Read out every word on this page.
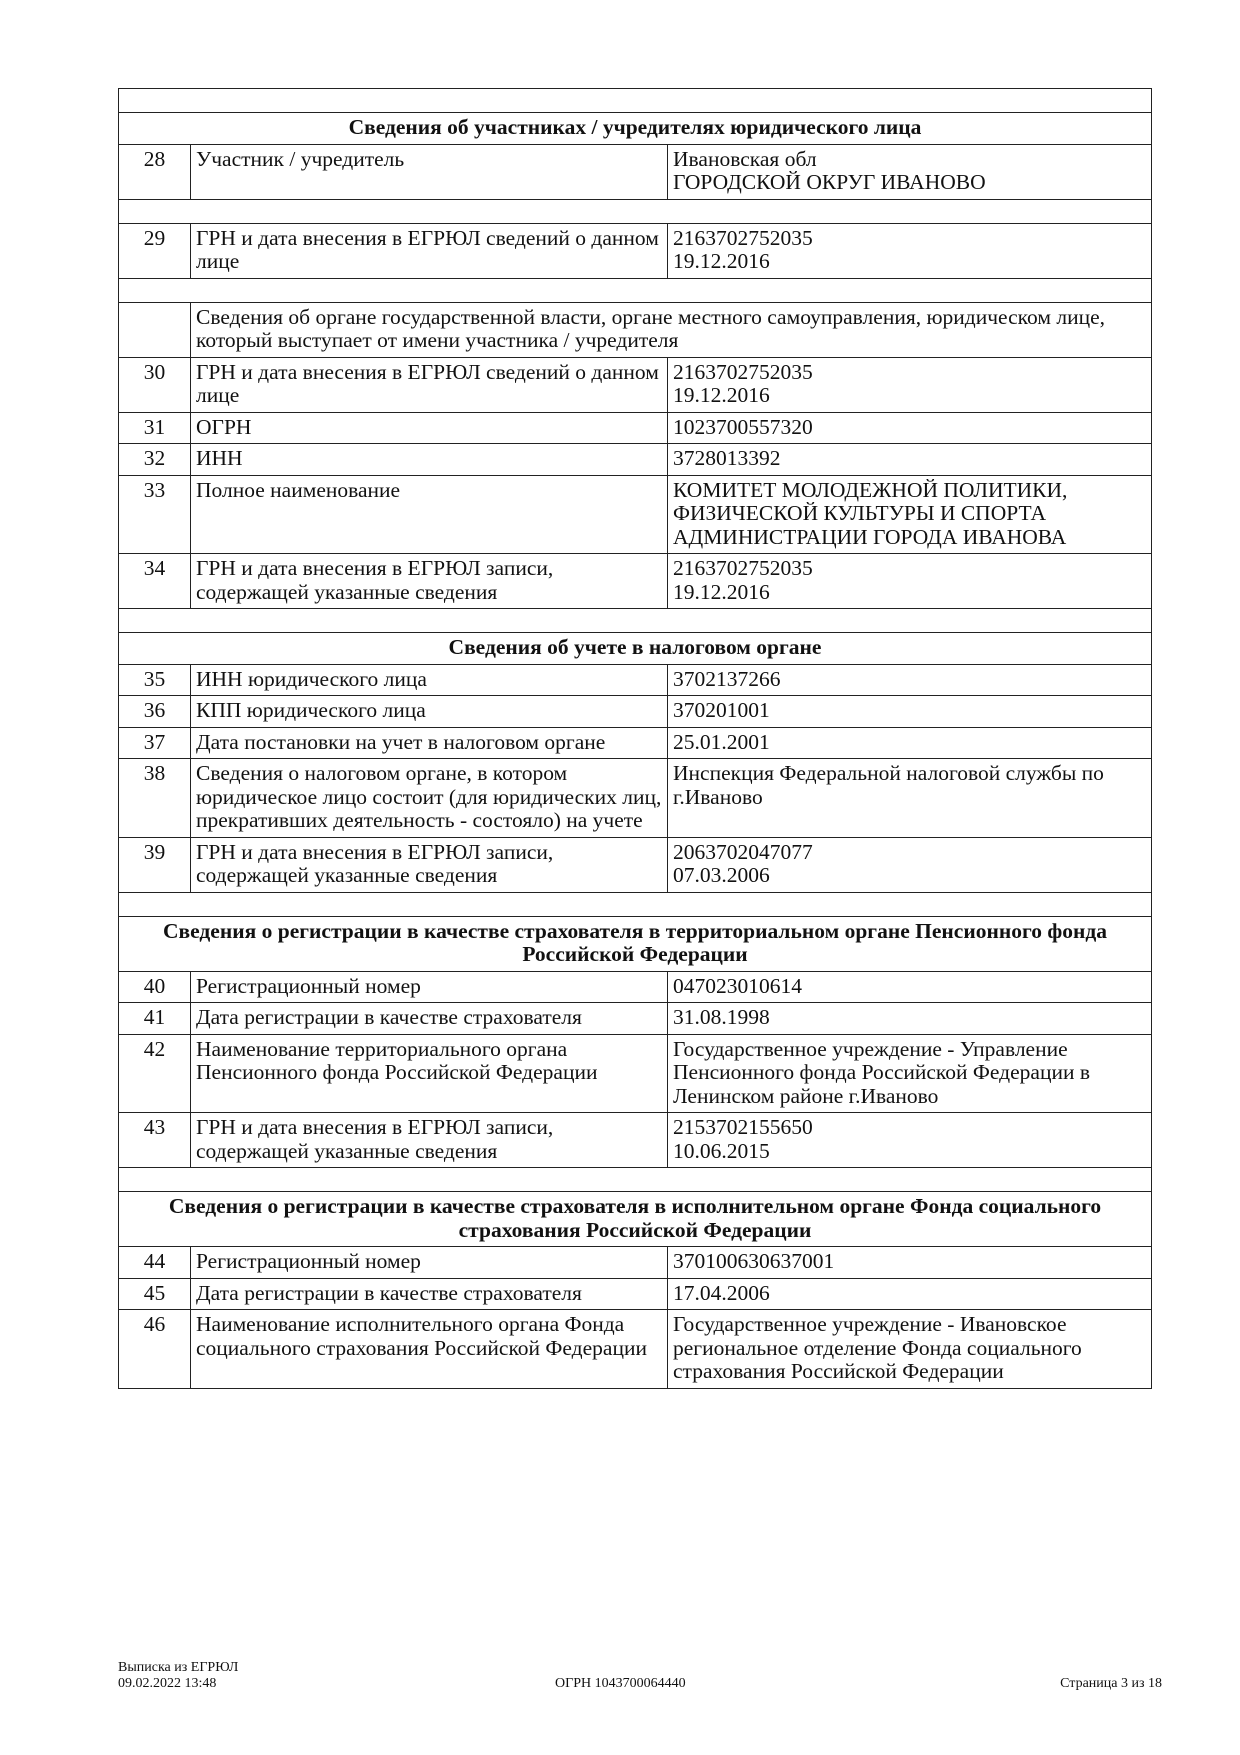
Сведения об участниках / учредителях юридического лица		
28	Участник / учредитель	Ивановская обл
ГОРОДСКОЙ ОКРУГ ИВАНОВО

29	ГРН и дата внесения в ЕГРЮЛ сведений о данном лице	2163702752035
19.12.2016

	Сведения об органе государственной власти, органе местного самоуправления, юридическом лице, который выступает от имени участника / учредителя	
30	ГРН и дата внесения в ЕГРЮЛ сведений о данном лице	2163702752035
19.12.2016
31	ОГРН	1023700557320
32	ИНН	3728013392
33	Полное наименование	КОМИТЕТ МОЛОДЕЖНОЙ ПОЛИТИКИ, ФИЗИЧЕСКОЙ КУЛЬТУРЫ И СПОРТА АДМИНИСТРАЦИИ ГОРОДА ИВАНОВА
34	ГРН и дата внесения в ЕГРЮЛ записи, содержащей указанные сведения	2163702752035
19.12.2016

Сведения об учете в налоговом органе		
35	ИНН юридического лица	3702137266
36	КПП юридического лица	370201001
37	Дата постановки на учет в налоговом органе	25.01.2001
38	Сведения о налоговом органе, в котором юридическое лицо состоит (для юридических лиц, прекративших деятельность - состояло) на учете	Инспекция Федеральной налоговой службы по г.Иваново
39	ГРН и дата внесения в ЕГРЮЛ записи, содержащей указанные сведения	2063702047077
07.03.2006

Сведения о регистрации в качестве страхователя в территориальном органе Пенсионного фонда Российской Федерации		
40	Регистрационный номер	047023010614
41	Дата регистрации в качестве страхователя	31.08.1998
42	Наименование территориального органа Пенсионного фонда Российской Федерации	Государственное учреждение - Управление Пенсионного фонда Российской Федерации в Ленинском районе г.Иваново
43	ГРН и дата внесения в ЕГРЮЛ записи, содержащей указанные сведения	2153702155650
10.06.2015

Сведения о регистрации в качестве страхователя в исполнительном органе Фонда социального страхования Российской Федерации		
44	Регистрационный номер	370100630637001
45	Дата регистрации в качестве страхователя	17.04.2006
46	Наименование исполнительного органа Фонда социального страхования Российской Федерации	Государственное учреждение - Ивановское региональное отделение Фонда социального страхования Российской Федерации
Выписка из ЕГРЮЛ
09.02.2022 13:48	ОГРН 1043700064440	Страница 3 из 18
